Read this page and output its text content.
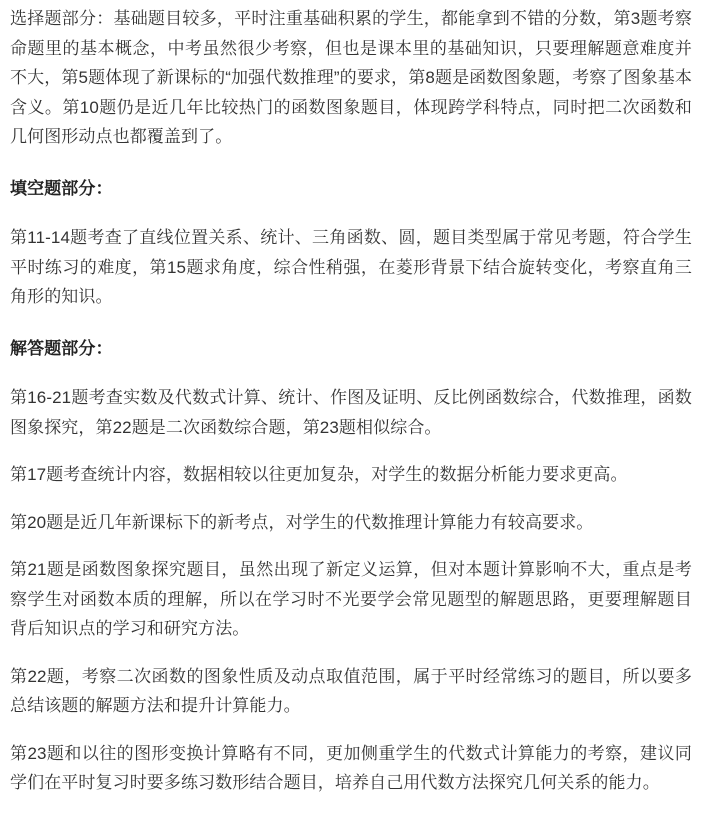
选择题部分：基础题目较多，平时注重基础积累的学生，都能拿到不错的分数，第3题考察命题里的基本概念，中考虽然很少考察，但也是课本里的基础知识，只要理解题意难度并不大，第5题体现了新课标的“加强代数推理”的要求，第8题是函数图象题，考察了图象基本含义。第10题仍是近几年比较热门的函数图象题目，体现跨学科特点，同时把二次函数和几何图形动点也都覆盖到了。

填空题部分：

第11-14题考查了直线位置关系、统计、三角函数、圆，题目类型属于常见考题，符合学生平时练习的难度，第15题求角度，综合性稍强，在菱形背景下结合旋转变化，考察直角三角形的知识。

解答题部分：

第16-21题考查实数及代数式计算、统计、作图及证明、反比例函数综合，代数推理，函数图象探究，第22题是二次函数综合题，第23题相似综合。

第17题考查统计内容，数据相较以往更加复杂，对学生的数据分析能力要求更高。

第20题是近几年新课标下的新考点，对学生的代数推理计算能力有较高要求。

第21题是函数图象探究题目，虽然出现了新定义运算，但对本题计算影响不大，重点是考察学生对函数本质的理解，所以在学习时不光要学会常见题型的解题思路，更要理解题目背后知识点的学习和研究方法。

第22题，考察二次函数的图象性质及动点取值范围，属于平时经常练习的题目，所以要多总结该题的解题方法和提升计算能力。

第23题和以往的图形变换计算略有不同，更加侧重学生的代数式计算能力的考察，建议同学们在平时复习时要多练习数形结合题目，培养自己用代数方法探究几何关系的能力。
